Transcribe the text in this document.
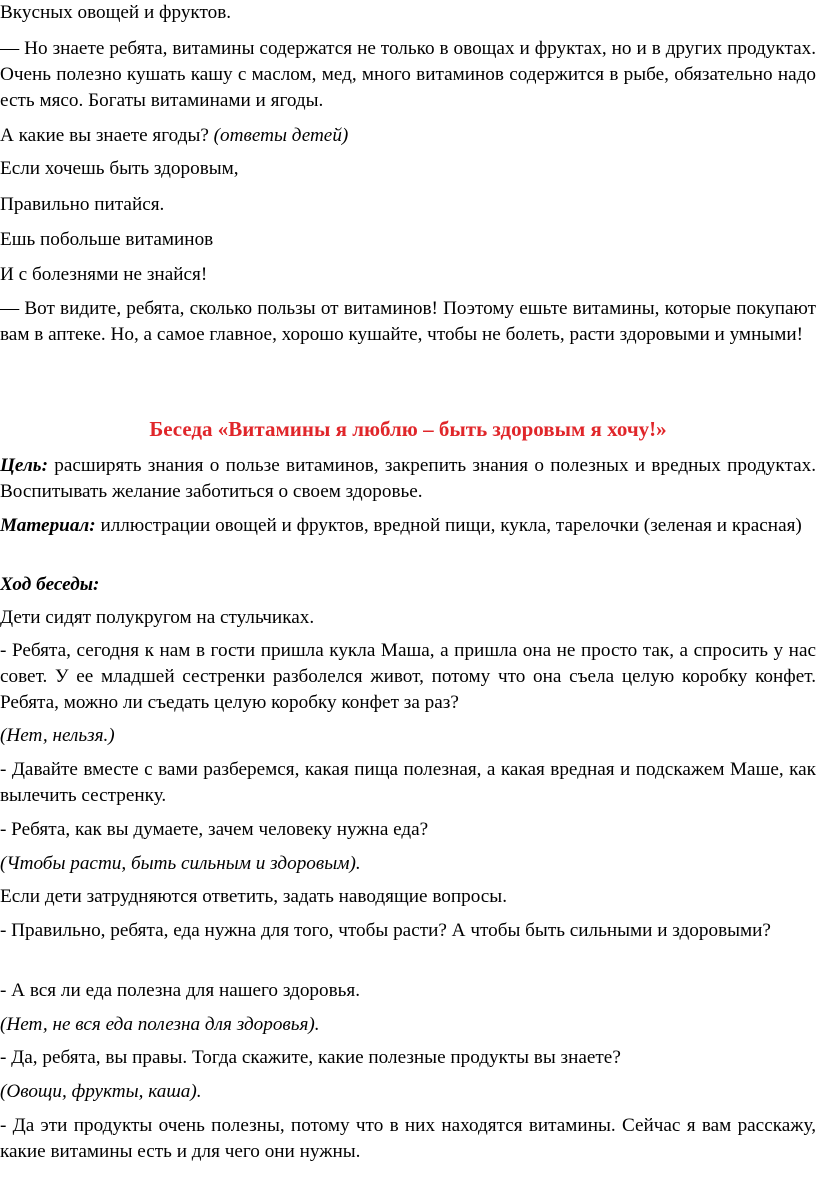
Вкусных овощей и фруктов.

— Но знаете ребята, витамины содержатся не только в овощах и фруктах, но и в других продуктах. Очень полезно кушать кашу с маслом, мед, много витаминов содержится в рыбе, обязательно надо есть мясо. Богаты витаминами и ягоды.

А какие вы знаете ягоды? (ответы детей)

Если хочешь быть здоровым,

Правильно питайся.

Ешь побольше витаминов

И с болезнями не знайся!

— Вот видите, ребята, сколько пользы от витаминов! Поэтому ешьте витамины, которые покупают вам в аптеке. Но, а самое главное, хорошо кушайте, чтобы не болеть, расти здоровыми и умными!

Беседа «Витамины я люблю – быть здоровым я хочу!»

Цель: расширять знания о пользе витаминов, закрепить знания о полезных и вредных продуктах. Воспитывать желание заботиться о своем здоровье.

Материал: иллюстрации овощей и фруктов, вредной пищи, кукла, тарелочки (зеленая и красная)

Ход беседы:

Дети сидят полукругом на стульчиках.

- Ребята, сегодня к нам в гости пришла кукла Маша, а пришла она не просто так, а спросить у нас совет. У ее младшей сестренки разболелся живот, потому что она съела целую коробку конфет. Ребята, можно ли съедать целую коробку конфет за раз?

(Нет, нельзя.)

- Давайте вместе с вами разберемся, какая пища полезная, а какая вредная и подскажем Маше, как вылечить сестренку.

- Ребята, как вы думаете, зачем человеку нужна еда?

(Чтобы расти, быть сильным и здоровым).

Если дети затрудняются ответить, задать наводящие вопросы.

- Правильно, ребята, еда нужна для того, чтобы расти? А чтобы быть сильными и здоровыми?

- А вся ли еда полезна для нашего здоровья.

(Нет, не вся еда полезна для здоровья).

- Да, ребята, вы правы. Тогда скажите, какие полезные продукты вы знаете?

(Овощи, фрукты, каша).

- Да эти продукты очень полезны, потому что в них находятся витамины. Сейчас я вам расскажу, какие витамины есть и для чего они нужны.
